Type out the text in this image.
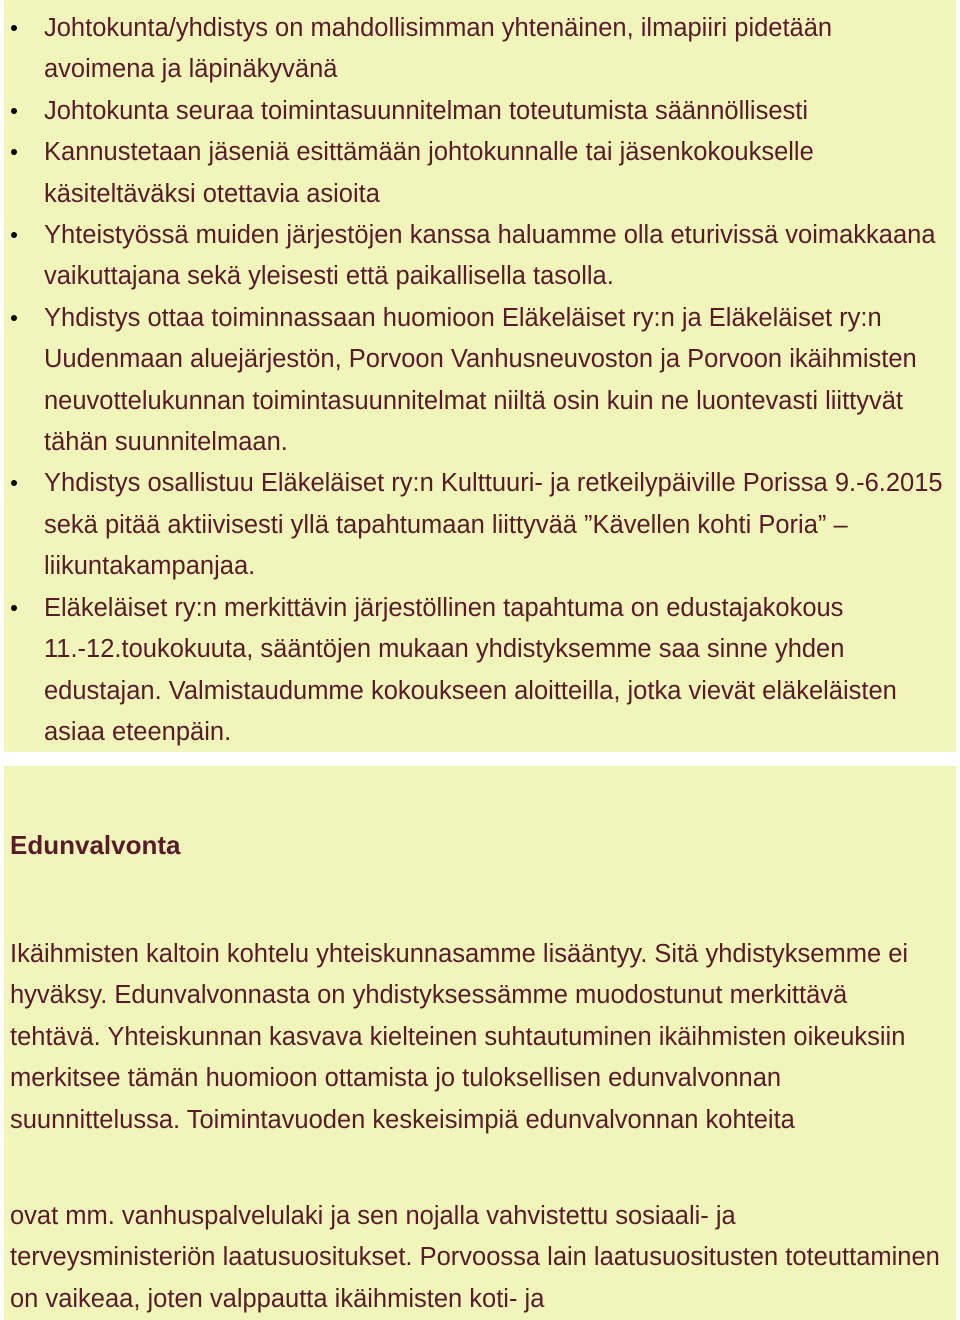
Johtokunta/yhdistys on mahdollisimman yhtenäinen, ilmapiiri pidetään avoimena ja läpinäkyvänä
Johtokunta seuraa toimintasuunnitelman toteutumista säännöllisesti
Kannustetaan jäseniä esittämään johtokunnalle tai jäsenkokoukselle käsiteltäväksi otettavia asioita
Yhteistyössä muiden järjestöjen kanssa haluamme olla eturivissä voimakkaana vaikuttajana sekä yleisesti että paikallisella tasolla.
Yhdistys ottaa toiminnassaan huomioon Eläkeläiset ry:n ja Eläkeläiset ry:n Uudenmaan aluejärjestön, Porvoon Vanhusneuvoston ja Porvoon ikäihmisten neuvottelukunnan toimintasuunnitelmat niiltä osin kuin ne luontevasti liittyvät tähän suunnitelmaan.
Yhdistys osallistuu Eläkeläiset ry:n Kulttuuri- ja retkeilypäiville Porissa 9.-6.2015 sekä pitää aktiivisesti yllä tapahtumaan liittyvää ”Kävellen kohti Poria” –liikuntakampanjaa.
Eläkeläiset ry:n merkittävin järjestöllinen tapahtuma on edustajakokous 11.-12.toukokuuta, sääntöjen mukaan yhdistyksemme saa sinne yhden edustajan. Valmistaudumme kokoukseen aloitteilla, jotka vievät eläkeläisten asiaa eteenpäin.
Edunvalvonta
Ikäihmisten kaltoin kohtelu yhteiskunnasamme lisääntyy. Sitä yhdistyksemme ei hyväksy. Edunvalvonnasta on yhdistyksessämme muodostunut merkittävä tehtävä. Yhteiskunnan kasvava kielteinen suhtautuminen ikäihmisten oikeuksiin merkitsee tämän huomioon ottamista jo tuloksellisen edunvalvonnan suunnittelussa. Toimintavuoden keskeisimpiä edunvalvonnan kohteita
ovat mm. vanhuspalvelulaki ja sen nojalla vahvistettu sosiaali- ja terveysministeriön laatusuositukset. Porvoossa lain laatusuositusten toteuttaminen on vaikeaa, joten valppautta ikäihmisten koti- ja
